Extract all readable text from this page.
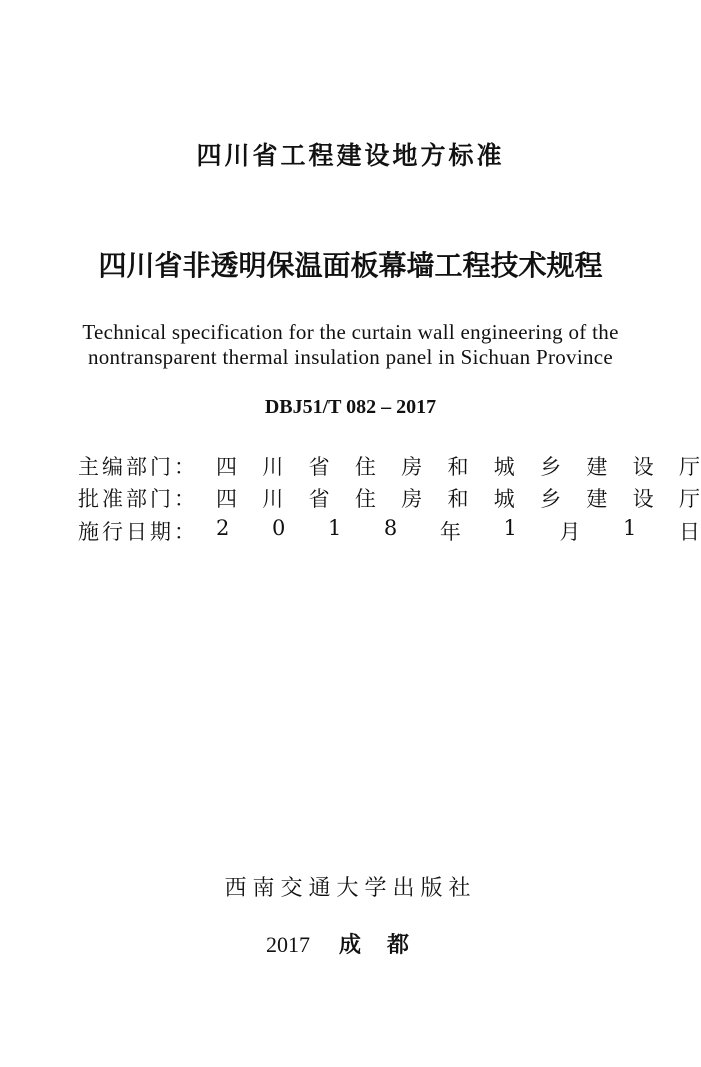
四川省工程建设地方标准
四川省非透明保温面板幕墙工程技术规程
Technical specification for the curtain wall engineering of the
nontransparent thermal insulation panel in Sichuan Province
DBJ51/T 082 – 2017
主编部门： 四 川 省 住 房 和 城 乡 建 设 厅
批准部门： 四 川 省 住 房 和 城 乡 建 设 厅
施行日期： 2 0 1 8 年 1 月 1 日
西南交通大学出版社
2017 成都
